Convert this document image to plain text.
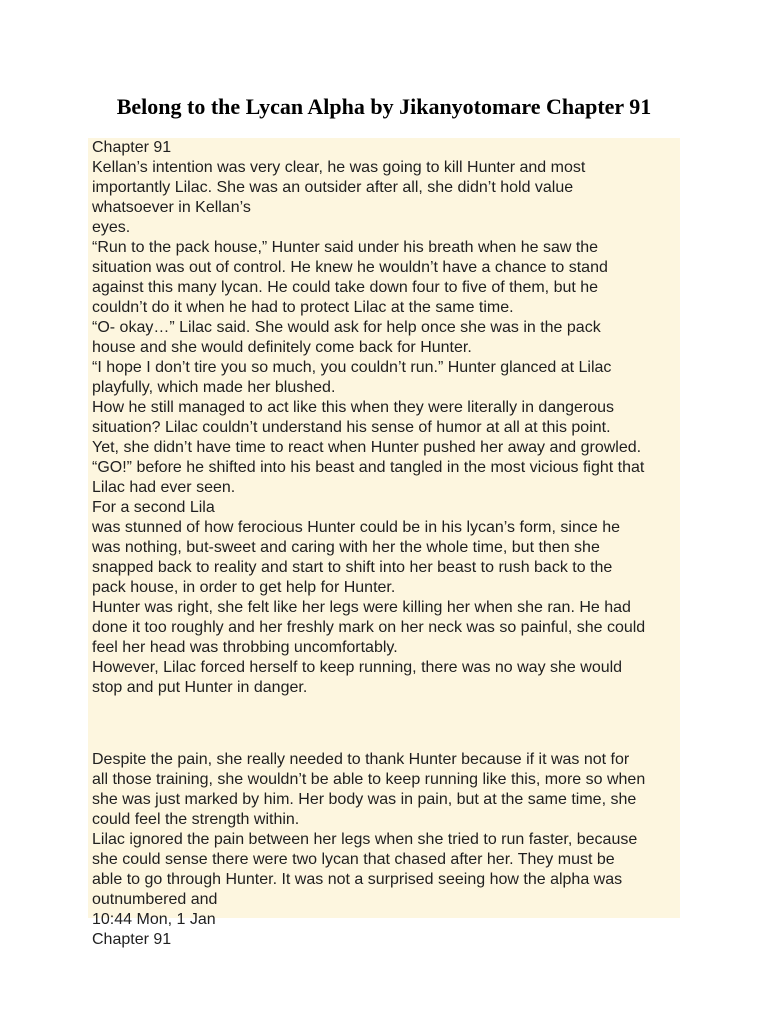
Belong to the Lycan Alpha by Jikanyotomare Chapter 91

Chapter 91

Kellan’s intention was very clear, he was going to kill Hunter and most

importantly Lilac. She was an outsider after all, she didn’t hold value

whatsoever in Kellan’s

eyes.

“Run to the pack house,” Hunter said under his breath when he saw the

situation was out of control. He knew he wouldn’t have a chance to stand

against this many lycan. He could take down four to five of them, but he

couldn’t do it when he had to protect Lilac at the same time.

“O- okay…” Lilac said. She would ask for help once she was in the pack

house and she would definitely come back for Hunter.

“I hope I don’t tire you so much, you couldn’t run.” Hunter glanced at Lilac

playfully, which made her blushed.

How he still managed to act like this when they were literally in dangerous

situation? Lilac couldn’t understand his sense of humor at all at this point.

Yet, she didn’t have time to react when Hunter pushed her away and growled.

“GO!” before he shifted into his beast and tangled in the most vicious fight that

Lilac had ever seen.

For a second Lila

was stunned of how ferocious Hunter could be in his lycan’s form, since he

was nothing, but-sweet and caring with her the whole time, but then she

snapped back to reality and start to shift into her beast to rush back to the

pack house, in order to get help for Hunter.

Hunter was right, she felt like her legs were killing her when she ran. He had

done it too roughly and her freshly mark on her neck was so painful, she could

feel her head was throbbing uncomfortably.

However, Lilac forced herself to keep running, there was no way she would

stop and put Hunter in danger.

Despite the pain, she really needed to thank Hunter because if it was not for

all those training, she wouldn’t be able to keep running like this, more so when

she was just marked by him. Her body was in pain, but at the same time, she

could feel the strength within.

Lilac ignored the pain between her legs when she tried to run faster, because

she could sense there were two lycan that chased after her. They must be

able to go through Hunter. It was not a surprised seeing how the alpha was

outnumbered and

10:44 Mon, 1 Jan

Chapter 91
